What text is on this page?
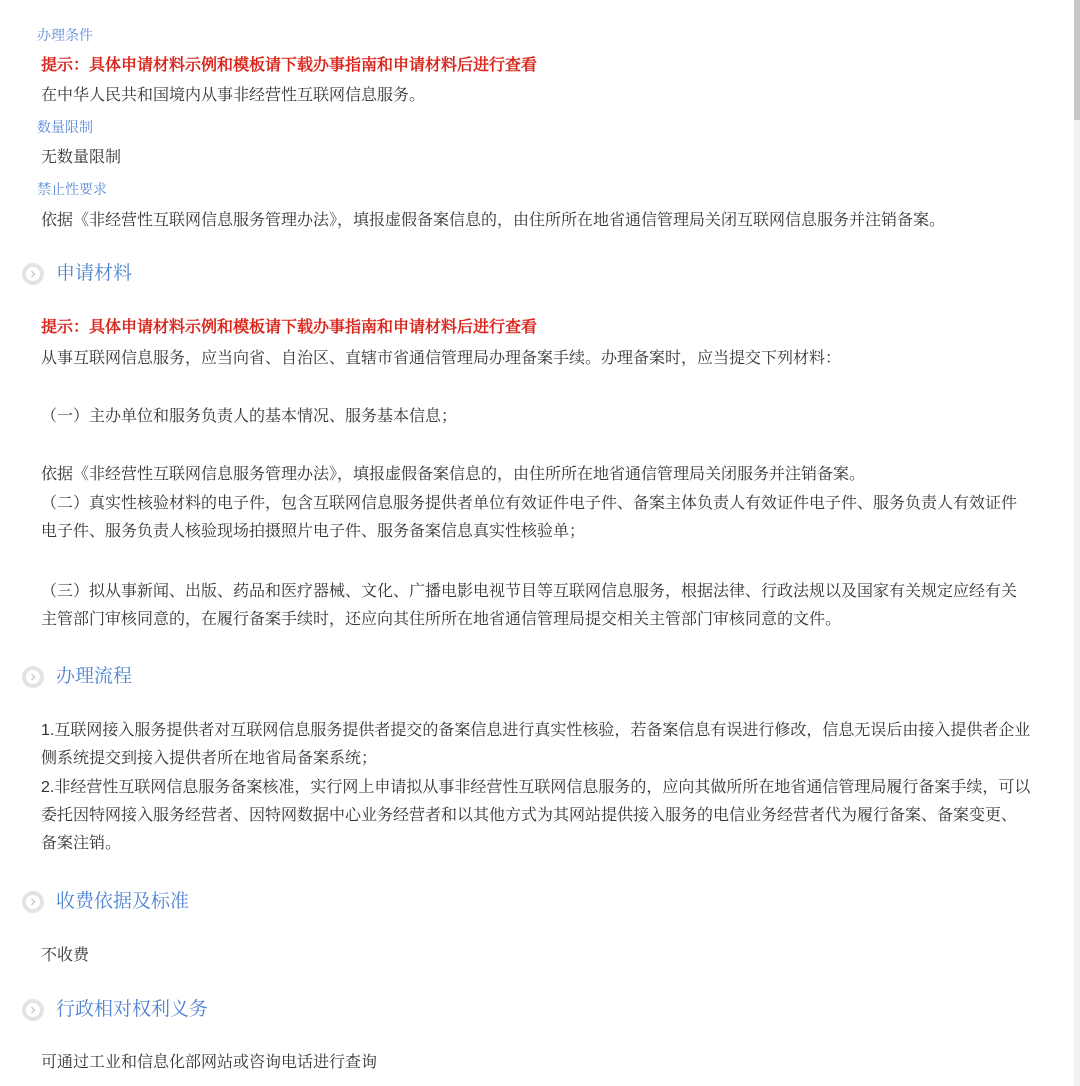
办理条件
提示：具体申请材料示例和模板请下载办事指南和申请材料后进行查看
在中华人民共和国境内从事非经营性互联网信息服务。
数量限制
无数量限制
禁止性要求
依据《非经营性互联网信息服务管理办法》，填报虚假备案信息的，由住所所在地省通信管理局关闭互联网信息服务并注销备案。
申请材料
提示：具体申请材料示例和模板请下载办事指南和申请材料后进行查看
从事互联网信息服务，应当向省、自治区、直辖市省通信管理局办理备案手续。办理备案时，应当提交下列材料：
（一）主办单位和服务负责人的基本情况、服务基本信息；
依据《非经营性互联网信息服务管理办法》，填报虚假备案信息的，由住所所在地省通信管理局关闭服务并注销备案。
（二）真实性核验材料的电子件，包含互联网信息服务提供者单位有效证件电子件、备案主体负责人有效证件电子件、服务负责人有效证件电子件、服务负责人核验现场拍摄照片电子件、服务备案信息真实性核验单；
（三）拟从事新闻、出版、药品和医疗器械、文化、广播电影电视节目等互联网信息服务，根据法律、行政法规以及国家有关规定应经有关主管部门审核同意的，在履行备案手续时，还应向其住所所在地省通信管理局提交相关主管部门审核同意的文件。
办理流程
1.互联网接入服务提供者对互联网信息服务提供者提交的备案信息进行真实性核验，若备案信息有误进行修改，信息无误后由接入提供者企业侧系统提交到接入提供者所在地省局备案系统；
2.非经营性互联网信息服务备案核准，实行网上申请拟从事非经营性互联网信息服务的，应向其做所所在地省通信管理局履行备案手续，可以委托因特网接入服务经营者、因特网数据中心业务经营者和以其他方式为其网站提供接入服务的电信业务经营者代为履行备案、备案变更、备案注销。
收费依据及标准
不收费
行政相对权利义务
可通过工业和信息化部网站或咨询电话进行查询
